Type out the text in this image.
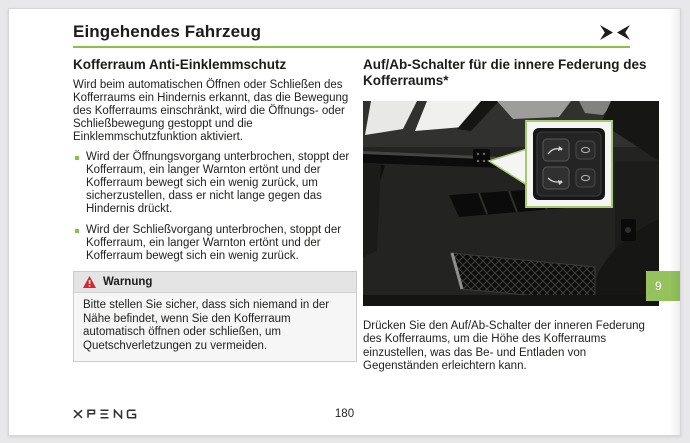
Eingehendes Fahrzeug
Kofferraum Anti-Einklemmschutz

Wird beim automatischen Öffnen oder Schließen des Kofferraums ein Hindernis erkannt, das die Bewegung des Kofferraums einschränkt, wird die Öffnungs- oder Schließbewegung gestoppt und die Einklemmschutzfunktion aktiviert.

Wird der Öffnungsvorgang unterbrochen, stoppt der Kofferraum, ein langer Warnton ertönt und der Kofferraum bewegt sich ein wenig zurück, um sicherzustellen, dass er nicht lange gegen das Hindernis drückt.
Wird der Schließvorgang unterbrochen, stoppt der Kofferraum, ein langer Warnton ertönt und der Kofferraum bewegt sich ein wenig zurück.
Warnung
Bitte stellen Sie sicher, dass sich niemand in der Nähe befindet, wenn Sie den Kofferraum automatisch öffnen oder schließen, um Quetschverletzungen zu vermeiden.
Auf/Ab-Schalter für die innere Federung des Kofferraums*

Drücken Sie den Auf/Ab-Schalter der inneren Federung des Kofferraums, um die Höhe des Kofferraums einzustellen, was das Be- und Entladen von Gegenständen erleichtern kann.

9
180
